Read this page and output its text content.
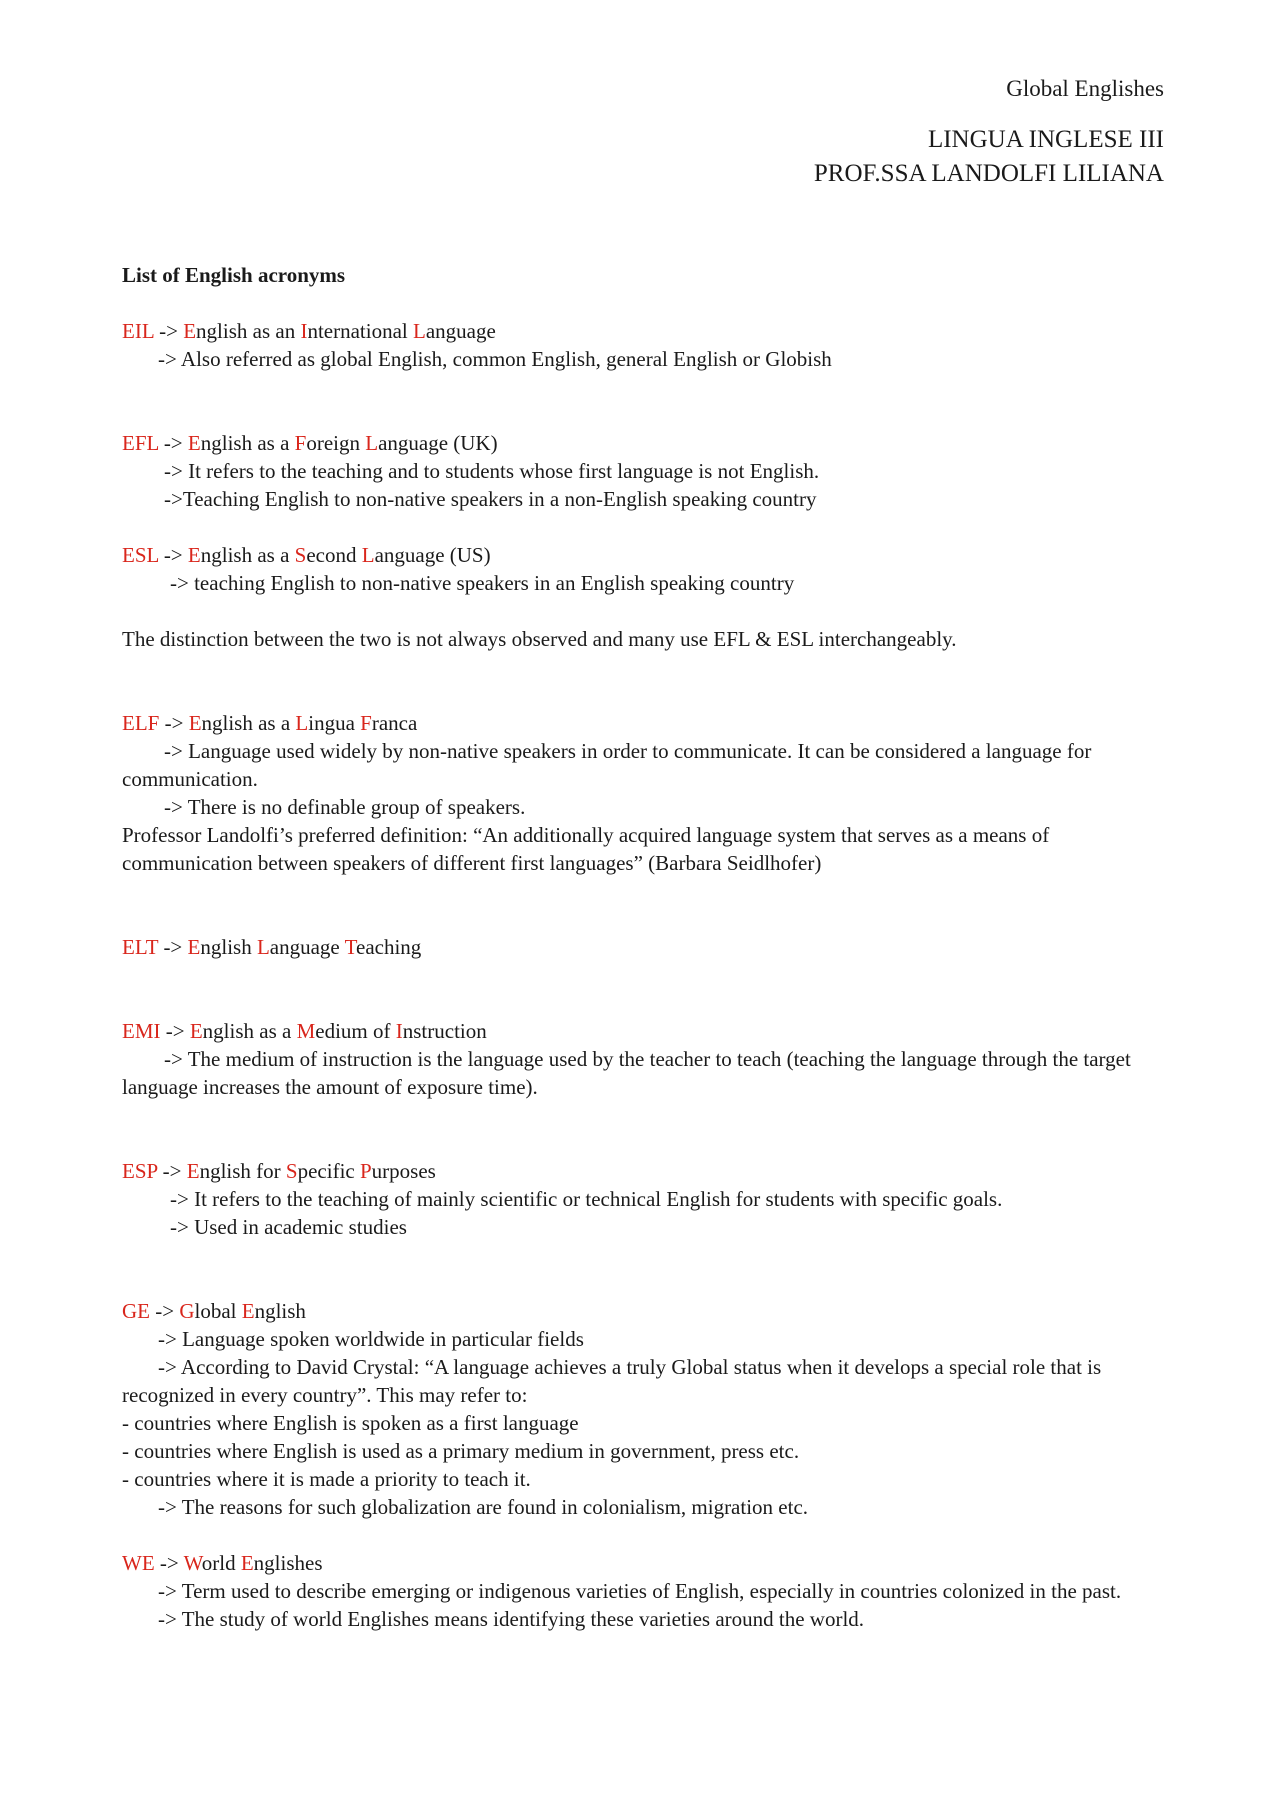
Global Englishes
LINGUA INGLESE III
PROF.SSA LANDOLFI LILIANA
List of English acronyms
EIL -> English as an International Language
-> Also referred as global English, common English, general English or Globish
EFL -> English as a Foreign Language (UK)
-> It refers to the teaching and to students whose first language is not English.
->Teaching English to non-native speakers in a non-English speaking country
ESL -> English as a Second Language (US)
-> teaching English to non-native speakers in an English speaking country
The distinction between the two is not always observed and many use EFL & ESL interchangeably.
ELF -> English as a Lingua Franca
-> Language used widely by non-native speakers in order to communicate. It can be considered a language for communication.
-> There is no definable group of speakers.
Professor Landolfi’s preferred definition: “An additionally acquired language system that serves as a means of communication between speakers of different first languages” (Barbara Seidlhofer)
ELT -> English Language Teaching
EMI -> English as a Medium of Instruction
-> The medium of instruction is the language used by the teacher to teach (teaching the language through the target language increases the amount of exposure time).
ESP -> English for Specific Purposes
-> It refers to the teaching of mainly scientific or technical English for students with specific goals.
-> Used in academic studies
GE -> Global English
-> Language spoken worldwide in particular fields
-> According to David Crystal: “A language achieves a truly Global status when it develops a special role that is recognized in every country”. This may refer to:
- countries where English is spoken as a first language
- countries where English is used as a primary medium in government, press etc.
- countries where it is made a priority to teach it.
-> The reasons for such globalization are found in colonialism, migration etc.
WE -> World Englishes
-> Term used to describe emerging or indigenous varieties of English, especially in countries colonized in the past.
-> The study of world Englishes means identifying these varieties around the world.
